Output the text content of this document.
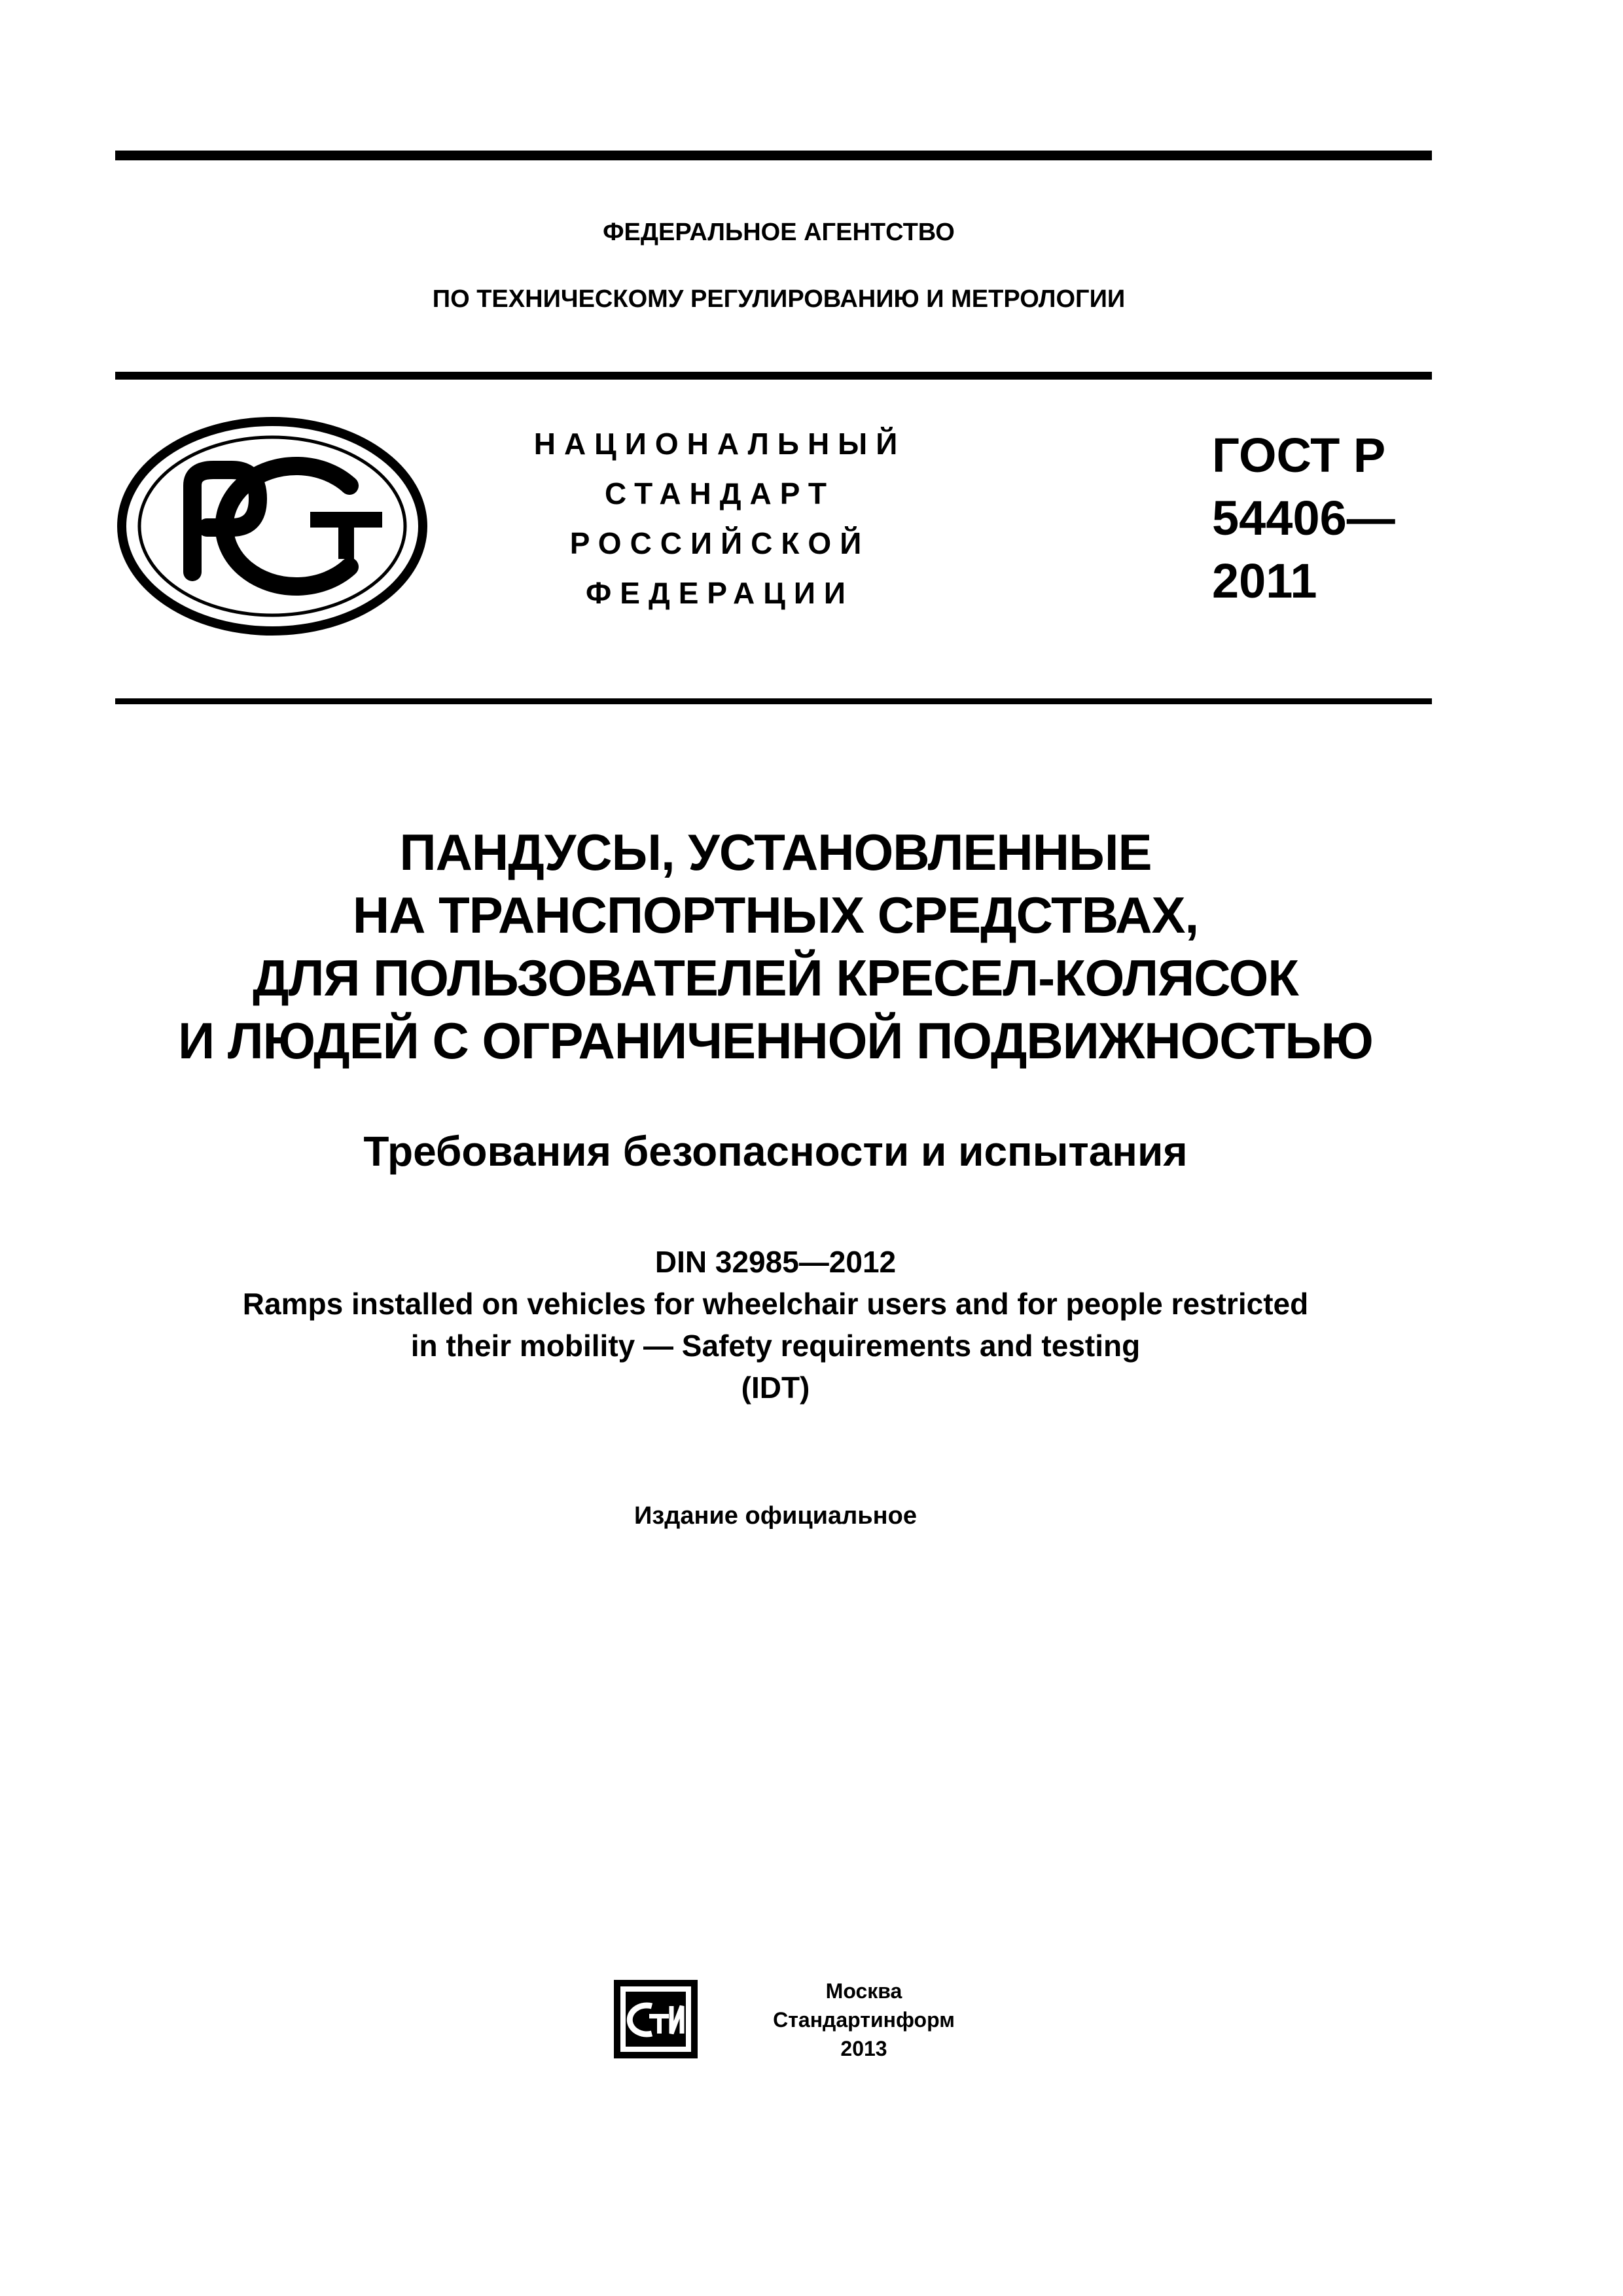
ФЕДЕРАЛЬНОЕ АГЕНТСТВО
ПО ТЕХНИЧЕСКОМУ РЕГУЛИРОВАНИЮ И МЕТРОЛОГИИ
НАЦИОНАЛЬНЫЙ
СТАНДАРТ
РОССИЙСКОЙ
ФЕДЕРАЦИИ
ГОСТ Р
54406—
2011
ПАНДУСЫ, УСТАНОВЛЕННЫЕ
НА ТРАНСПОРТНЫХ СРЕДСТВАХ,
ДЛЯ ПОЛЬЗОВАТЕЛЕЙ КРЕСЕЛ-КОЛЯСОК
И ЛЮДЕЙ С ОГРАНИЧЕННОЙ ПОДВИЖНОСТЬЮ
Требования безопасности и испытания
DIN 32985—2012
Ramps installed on vehicles for wheelchair users and for people restricted
in their mobility — Safety requirements and testing
(IDT)
Издание официальное
Москва
Стандартинформ
2013
